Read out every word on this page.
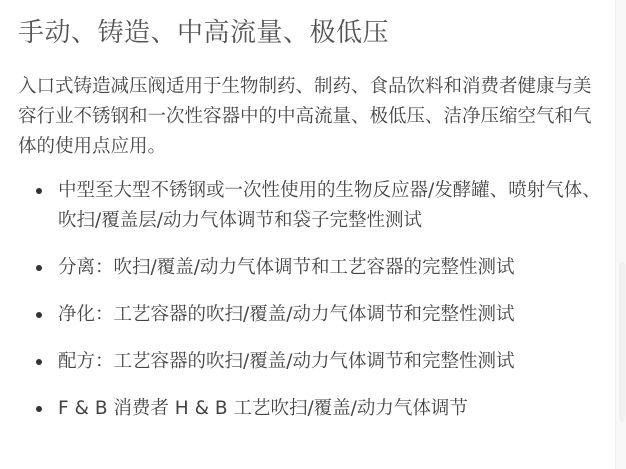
手动、铸造、中高流量、极低压

入口式铸造减压阀适用于生物制药、制药、食品饮料和消费者健康与美容行业不锈钢和一次性容器中的中高流量、极低压、洁净压缩空气和气体的使用点应用。

中型至大型不锈钢或一次性使用的生物反应器/发酵罐、喷射气体、吹扫/覆盖层/动力气体调节和袋子完整性测试
分离：吹扫/覆盖/动力气体调节和工艺容器的完整性测试
净化：工艺容器的吹扫/覆盖/动力气体调节和完整性测试
配方：工艺容器的吹扫/覆盖/动力气体调节和完整性测试
F & B 消费者 H & B 工艺吹扫/覆盖/动力气体调节
